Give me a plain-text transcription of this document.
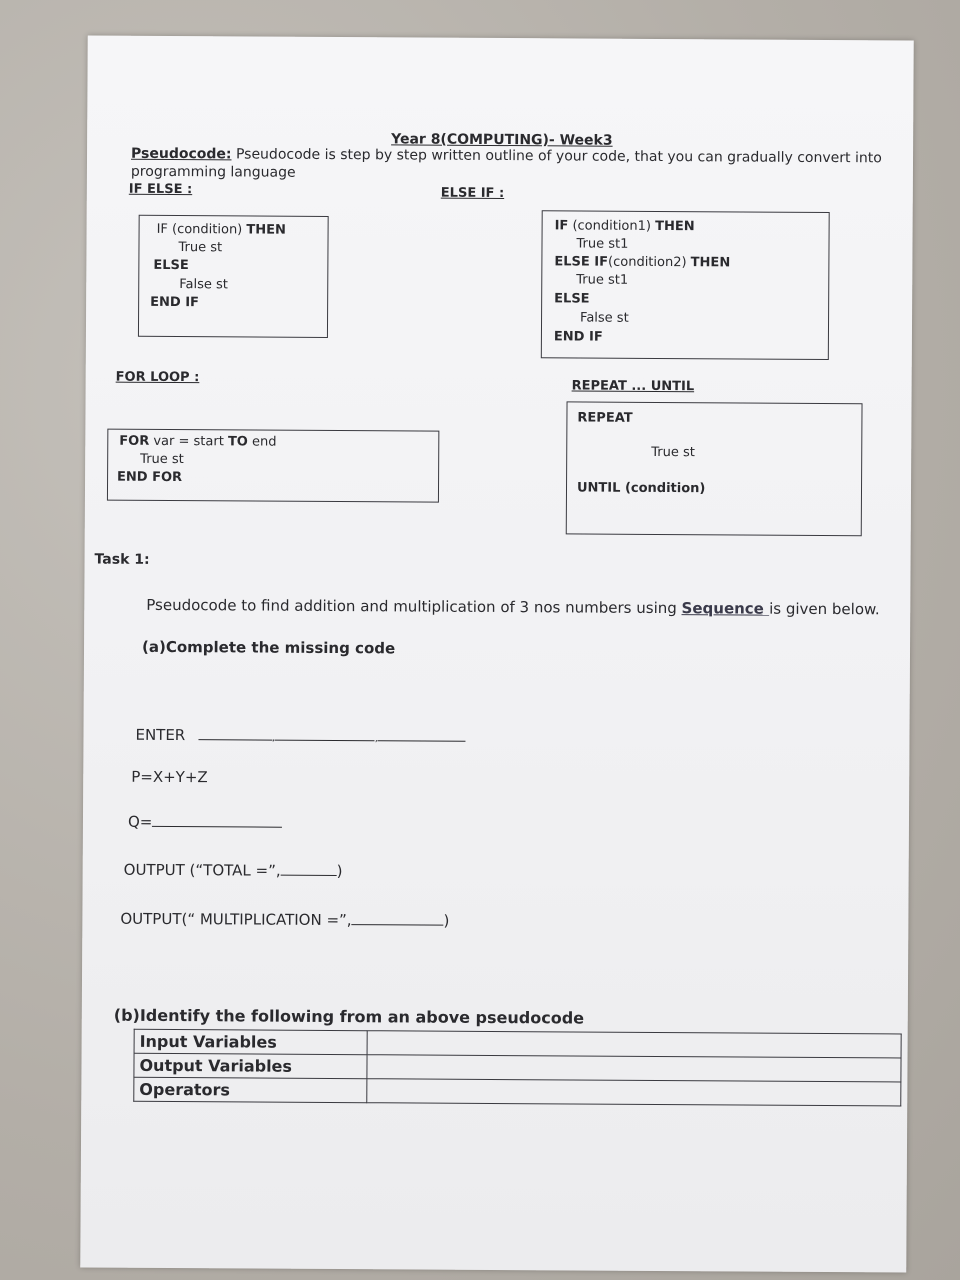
Year 8(COMPUTING)- Week3
Pseudocode: Pseudocode is step by step written outline of your code, that you can gradually convert into
programming language
IF ELSE :
IF (condition) THEN
True st
ELSE
False st
END IF
ELSE IF :
IF (condition1) THEN
True st1
ELSE IF(condition2) THEN
True st1
ELSE
False st
END IF
FOR LOOP :
FOR var = start TO end
True st
END FOR
REPEAT ... UNTIL
REPEAT
True st
UNTIL (condition)
Task 1:
Pseudocode to find addition and multiplication of 3 nos numbers using Sequence is given below.
(a)Complete the missing code
ENTER	,	,
P=X+Y+Z
Q=
OUTPUT (“TOTAL =”,	)
OUTPUT(“ MULTIPLICATION =”,	)
(b)Identify the following from an above pseudocode
Input Variables	
Output Variables	
Operators	
